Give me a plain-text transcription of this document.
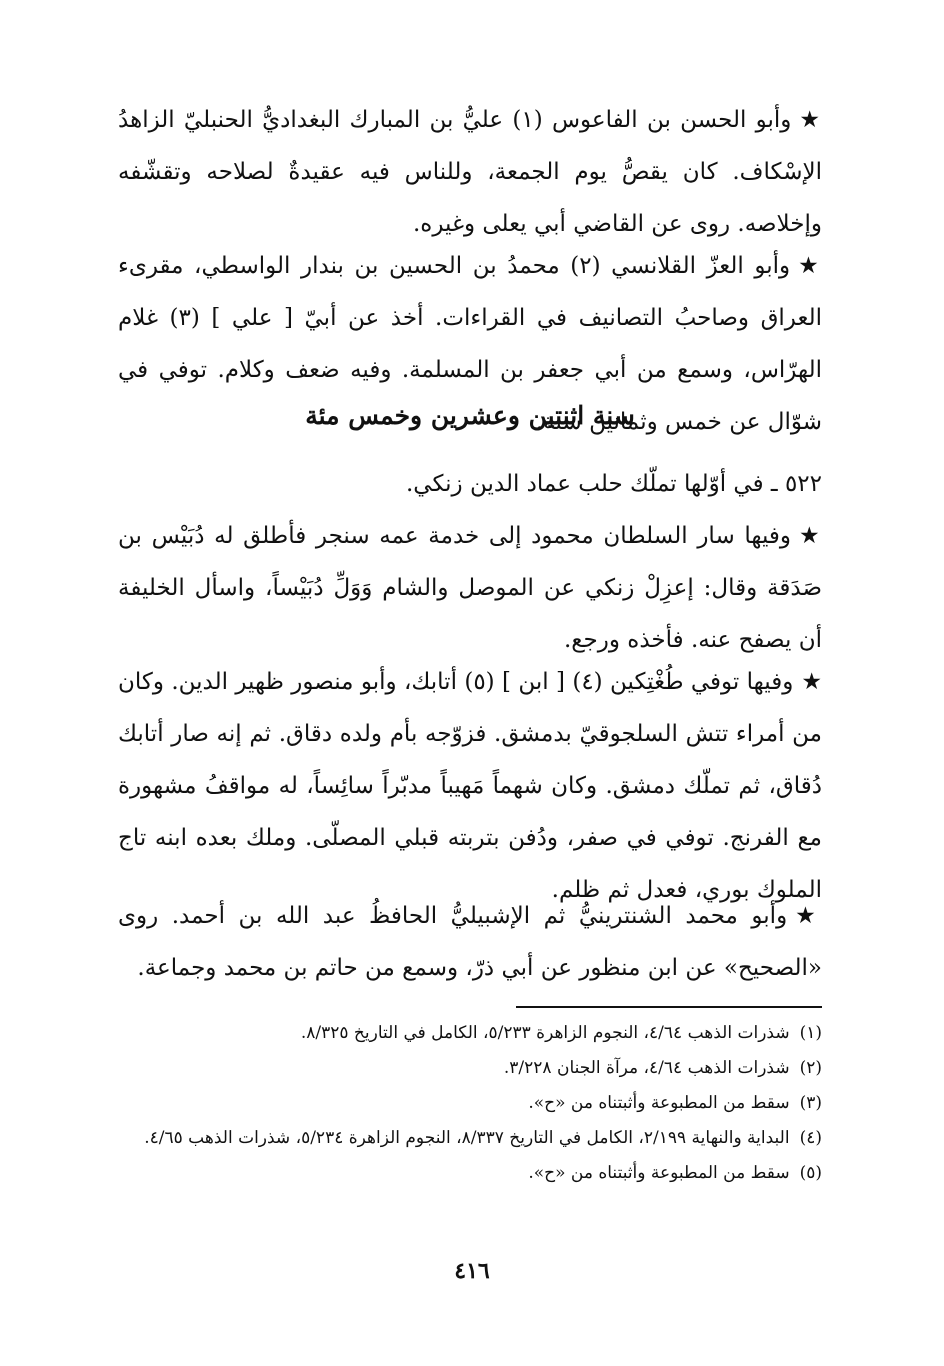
★وأبو الحسن بن الفاعوس (١) عليُّ بن المبارك البغداديُّ الحنبليّ الزاهدُ الإسْكاف. كان يقصُّ يوم الجمعة، وللناس فيه عقيدةٌ لصلاحه وتقشّفه وإخلاصه. روى عن القاضي أبي يعلى وغيره.

★وأبو العزّ القلانسي (٢) محمدُ بن الحسين بن بندار الواسطي، مقرىء العراق وصاحبُ التصانيف في القراءات. أخذ عن أبيّ [ علي ] (٣) غلام الهرّاس، وسمع من أبي جعفر بن المسلمة. وفيه ضعف وكلام. توفي في شوّال عن خمس وثمانين سنة.

سنة اثنتين وعشرين وخمس مئة

٥٢٢ ـ في أوّلها تملّك حلب عماد الدين زنكي.

★وفيها سار السلطان محمود إلى خدمة عمه سنجر فأطلق له دُبَيْس بن صَدَقة وقال: إعزِلْ زنكي عن الموصل والشام وَوَلِّ دُبَيْساً، واسأل الخليفة أن يصفح عنه. فأخذه ورجع.

★وفيها توفي طُغْتِكين (٤) [ ابن ] (٥) أتابك، وأبو منصور ظهير الدين. وكان من أمراء تتش السلجوقيّ بدمشق. فزوّجه بأم ولده دقاق. ثم إنه صار أتابك دُقاق، ثم تملّك دمشق. وكان شهماً مَهيباً مدبّراً سائِساً، له مواقفُ مشهورة مع الفرنج. توفي في صفر، ودُفن بتربته قبلي المصلّى. وملك بعده ابنه تاج الملوك بوري، فعدل ثم ظلم.

★وأبو محمد الشنترينيُّ ثم الإشبيليُّ الحافظُ عبد الله بن أحمد. روى «الصحيح» عن ابن منظور عن أبي ذرّ، وسمع من حاتم بن محمد وجماعة.

(١)شذرات الذهب ٤/٦٤، النجوم الزاهرة ٥/٢٣٣، الكامل في التاريخ ٨/٣٢٥.

(٢)شذرات الذهب ٤/٦٤، مرآة الجنان ٣/٢٢٨.

(٣)سقط من المطبوعة وأثبتناه من «ح».

(٤)البداية والنهاية ٢/١٩٩، الكامل في التاريخ ٨/٣٣٧، النجوم الزاهرة ٥/٢٣٤، شذرات الذهب ٤/٦٥.

(٥)سقط من المطبوعة وأثبتناه من «ح».

٤١٦
